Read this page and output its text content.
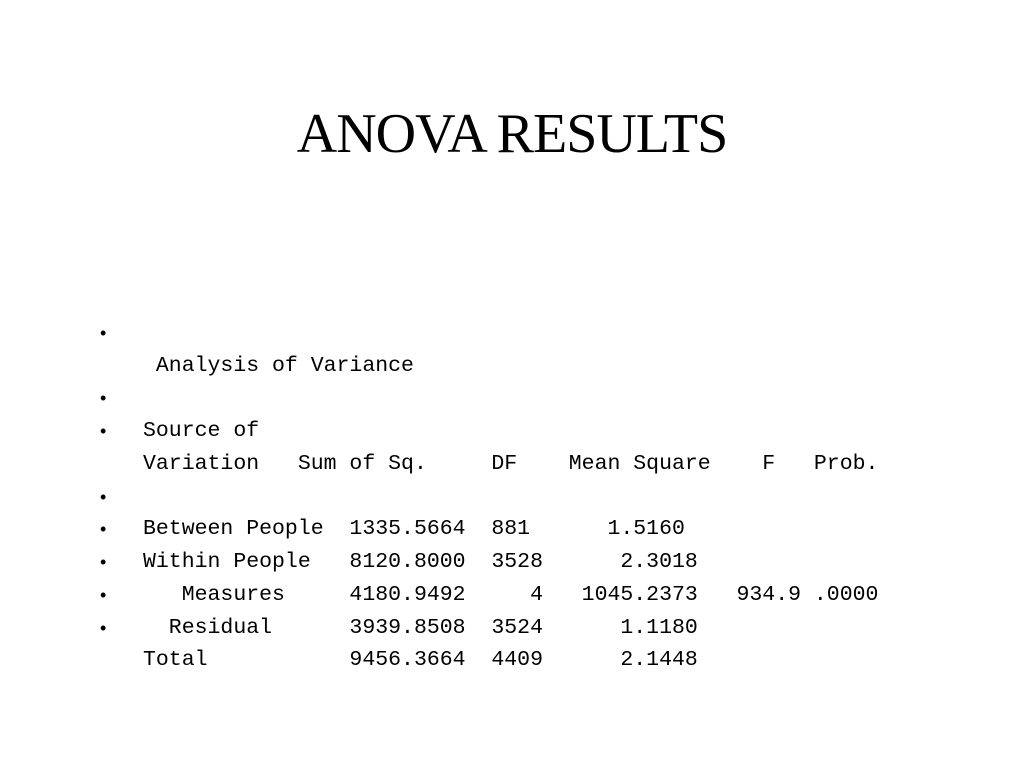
ANOVA RESULTS

•

Analysis of Variance

•

Source of

•

Variation   Sum of Sq.     DF    Mean Square    F   Prob.

•

Between People  1335.5664  881      1.5160

•

Within People   8120.8000  3528      2.3018

•

Measures     4180.9492     4   1045.2373   934.9 .0000

•

Residual      3939.8508  3524      1.1180

•

Total           9456.3664  4409      2.1448
